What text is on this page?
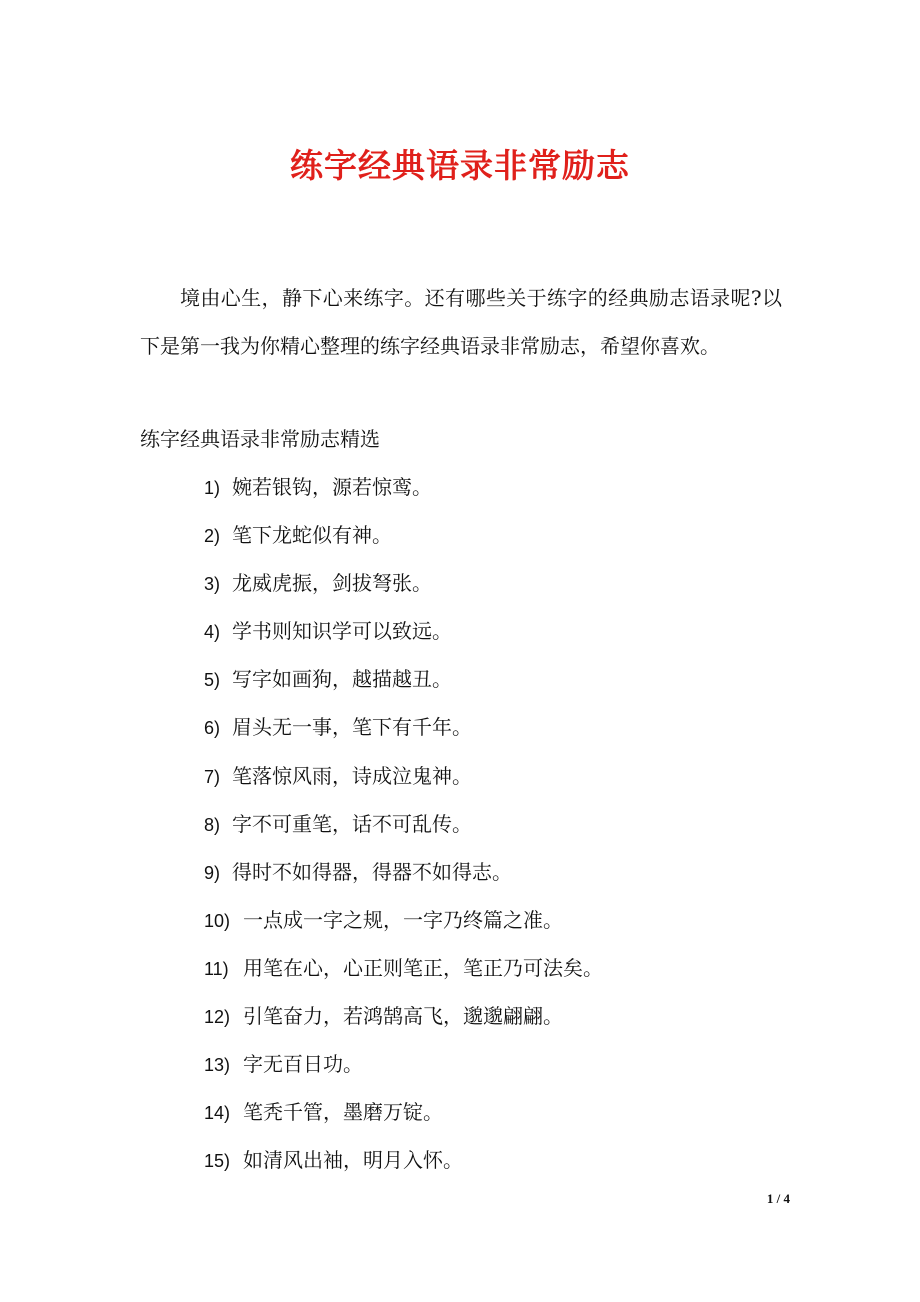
练字经典语录非常励志

境由心生，静下心来练字。还有哪些关于练字的经典励志语录呢?以下是第一我为你精心整理的练字经典语录非常励志，希望你喜欢。

练字经典语录非常励志精选

1) 婉若银钩，源若惊鸾。
2) 笔下龙蛇似有神。
3) 龙威虎振，剑拔弩张。
4) 学书则知识学可以致远。
5) 写字如画狗，越描越丑。
6) 眉头无一事，笔下有千年。
7) 笔落惊风雨，诗成泣鬼神。
8) 字不可重笔，话不可乱传。
9) 得时不如得器，得器不如得志。
10) 一点成一字之规，一字乃终篇之准。
11) 用笔在心，心正则笔正，笔正乃可法矣。
12) 引笔奋力，若鸿鹄高飞，邈邈翩翩。
13) 字无百日功。
14) 笔秃千管，墨磨万锭。
15) 如清风出袖，明月入怀。

1 / 4
